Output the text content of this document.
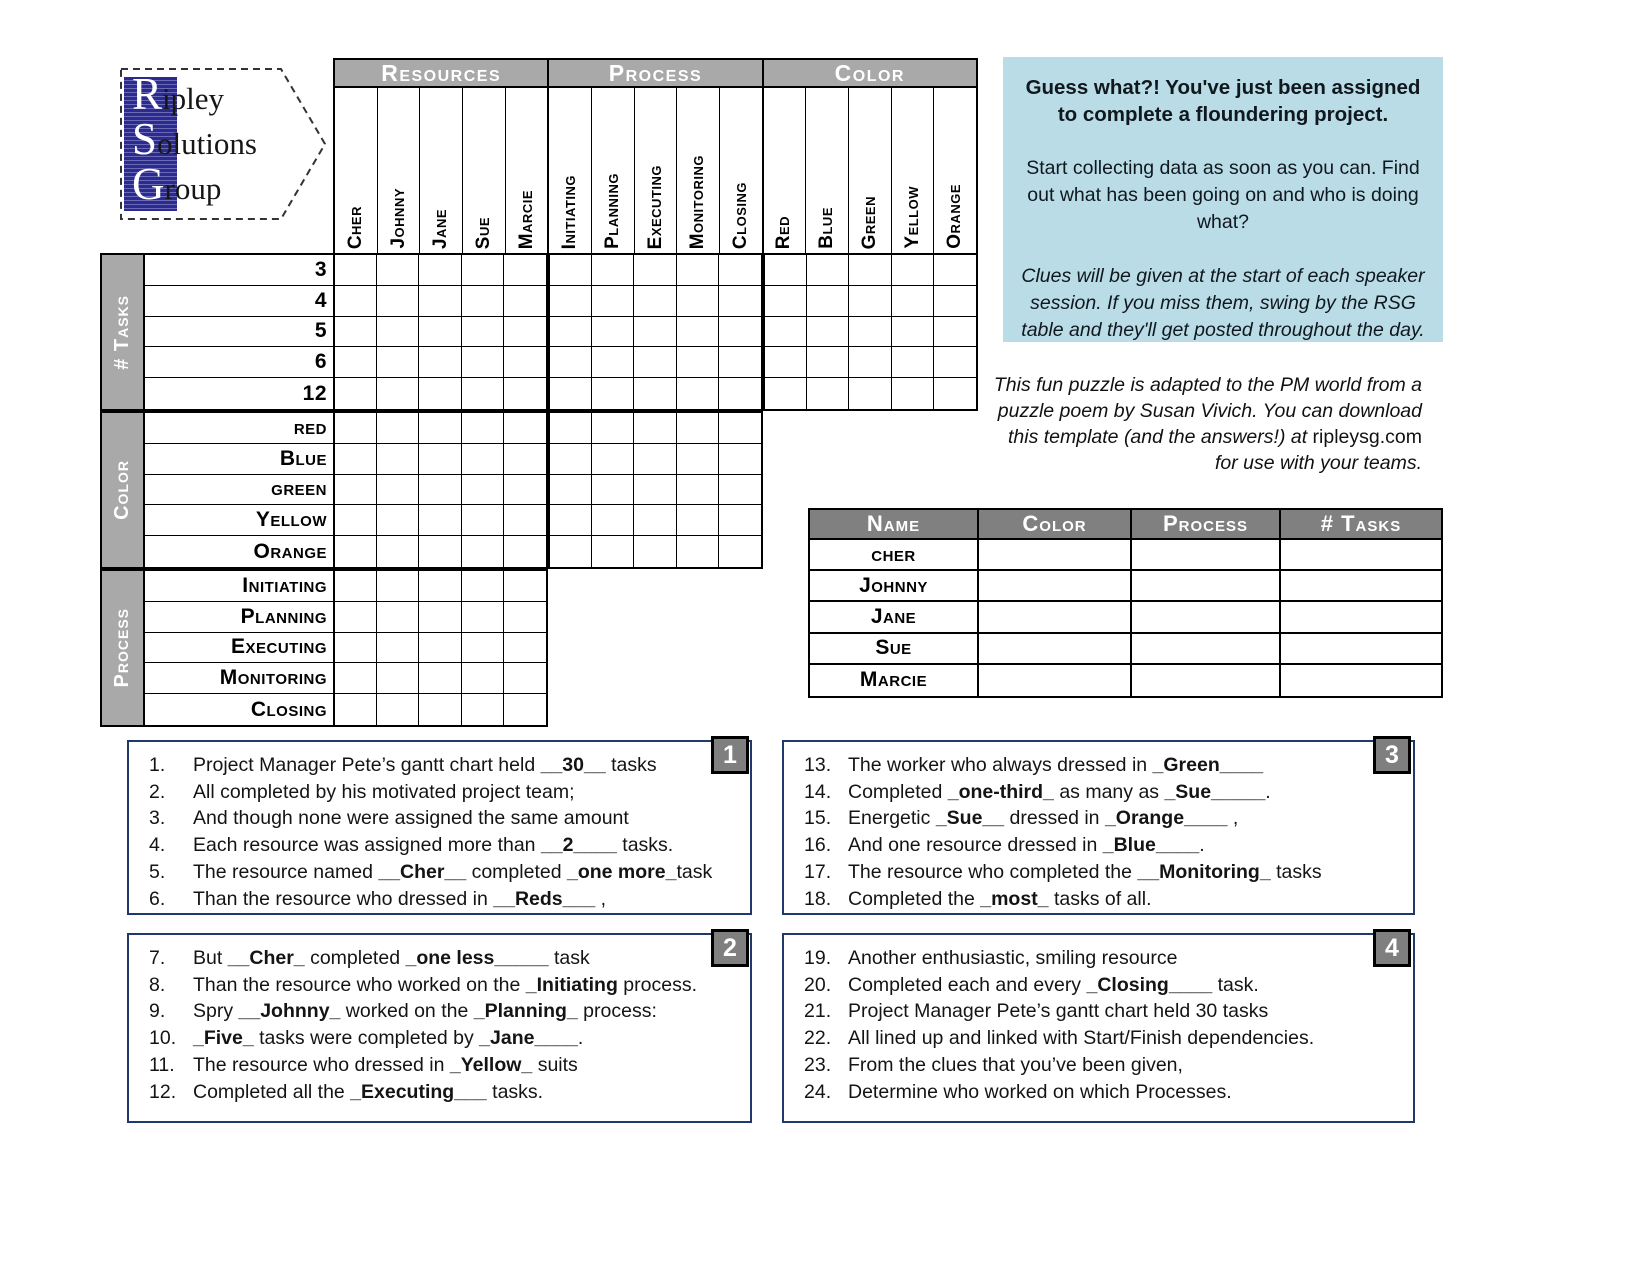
R ipley
S olutions
G roup
Resources	Process	Color
Cher Johnny Jane Sue Marcie Initiating Planning Executing Monitoring Closing Red Blue Green Yellow Orange
Guess what?! You've just been assigned to complete a floundering project.
Start collecting data as soon as you can. Find out what has been going on and who is doing what?
Clues will be given at the start of each speaker session. If you miss them, swing by the RSG table and they'll get posted throughout the day.
This fun puzzle is adapted to the PM world from a puzzle poem by Susan Vivich. You can download this template (and the answers!) at ripleysg.com for use with your teams.
Name	Color	Process	# Tasks
cher
Johnny
Jane
Sue
Marcie
1.	Project Manager Pete’s gantt chart held __30__ tasks
2.	All completed by his motivated project team;
3.	And though none were assigned the same amount
4.	Each resource was assigned more than __2____ tasks.
5.	The resource named __Cher__ completed _one more_task
6.	Than the resource who dressed in __Reds___ ,
7.	But __Cher_ completed _one less_____ task
8.	Than the resource who worked on the _Initiating process.
9.	Spry __Johnny_ worked on the _Planning_ process:
10. _Five_ tasks were completed by _Jane____.
11. The resource who dressed in _Yellow_ suits
12. Completed all the _Executing___ tasks.
13. The worker who always dressed in _Green____
14. Completed _one-third_ as many as _Sue_____.
15. Energetic _Sue__ dressed in _Orange____ ,
16. And one resource dressed in _Blue____.
17. The resource who completed the __Monitoring_ tasks
18. Completed the _most_ tasks of all.
19. Another enthusiastic, smiling resource
20. Completed each and every _Closing____ task.
21. Project Manager Pete’s gantt chart held 30 tasks
22. All lined up and linked with Start/Finish dependencies.
23. From the clues that you’ve been given,
24. Determine who worked on which Processes.
1
2
3
4
# Tasks
3
4
5
6
12
Color
red
Blue
green
Yellow
Orange
Process
Initiating
Planning
Executing
Monitoring
Closing
